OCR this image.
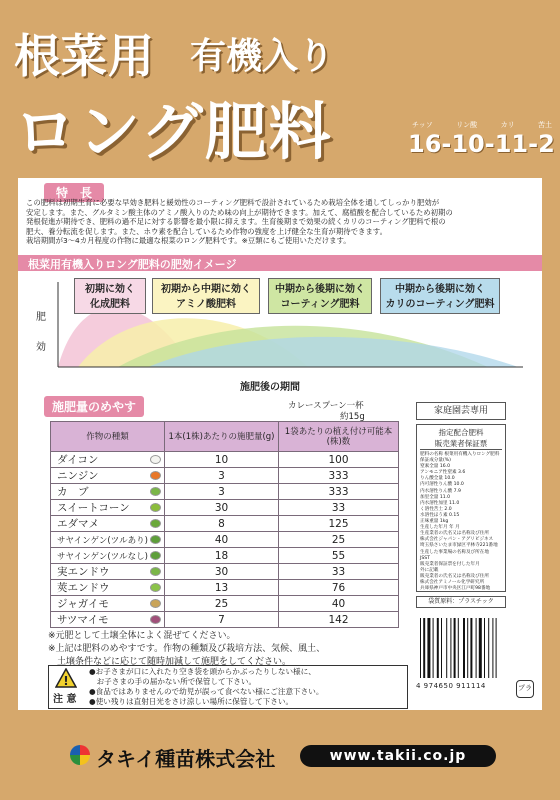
根菜用 有機入り
ロング肥料	チッソ	リン酸	カリ	苦土
16-10-11-2
特　長
この肥料は初期生育に必要な早効き肥料と緩効性のコーティング肥料で設計されているため栽培全体を通してしっかり肥効が
安定します。また、グルタミン酸主体のアミノ酸入りのため味の向上が期待できます。加えて、腐植酸を配合しているため初期の
発根促進が期待でき、肥料の過不足に対する影響を最小限に抑えます。生育後期まで効果の続くカリのコーティング肥料で根の
肥大、養分転流を促します。また、ホウ素を配合しているため作物の強度を上げ健全な生育が期待できます。
栽培期間が3～4カ月程度の作物に最適な根菜のロング肥料です。※豆類にもご使用いただけます。
根菜用有機入りロング肥料の肥効イメージ
肥
効
施肥後の期間
初期に効く
化成肥料
初期から中期に効く
アミノ酸肥料
中期から後期に効く
コーティング肥料
中期から後期に効く
カリのコーティング肥料
施肥量のめやす	カレースプーン一杯
約15g
作物の種類	1本(1株)あたりの施肥量(g)	1袋あたりの植え付け可能本(株)数
ダイコン	10	100
ニンジン	3	333
カ　ブ	3	333
スイートコーン	30	33
エダマメ	8	125
サヤインゲン(ツルあり)	40	25
サヤインゲン(ツルなし)	18	55
実エンドウ	30	33
莢エンドウ	13	76
ジャガイモ	25	40
サツマイモ	7	142
※元肥として土壌全体によく混ぜてください。
※上記は肥料のめやすです。作物の種類及び栽培方法、気候、風土、
　土壌条件などに応じて随時加減して施肥をしてください。
!
注 意
●お子さまが口に入れたり空き袋を頭からかぶったりしない様に、
　お子さまの手の届かない所で保管して下さい。
●食品ではありませんので幼児が誤って食べない様にご注意下さい。
●使い残りは直射日光をさけ涼しい場所に保管して下さい。
家庭園芸専用
指定配合肥料
販売業者保証票
肥料の名称 根菜用有機入りロング肥料
保証成分量(%)
窒素全量 16.0
アンモニア性窒素 3.6
りん酸全量 10.0
内可溶性りん酸 10.0
内水溶性りん酸 7.9
加里全量 11.0
内水溶性加里 11.0
く溶性苦土 2.0
水溶性ほう素 0.15
正味重量 1kg
生産した年月 年 月
生産業者の氏名又は名称及び住所
株式会社ジャパン・アグリビジネス
埼玉県さいたま市緑区平林寺221番地
生産した事業場の名称及び所在地
JSST
販売業者保証票を付した年月
外に記載
販売業者の氏名又は名称及び住所
株式会社アミノール化学研究所
兵庫県神戸市中央区江戸町98番地
袋質原料：プラスチック
4 974650 911114	プラ
タキイ種苗株式会社	www.takii.co.jp
